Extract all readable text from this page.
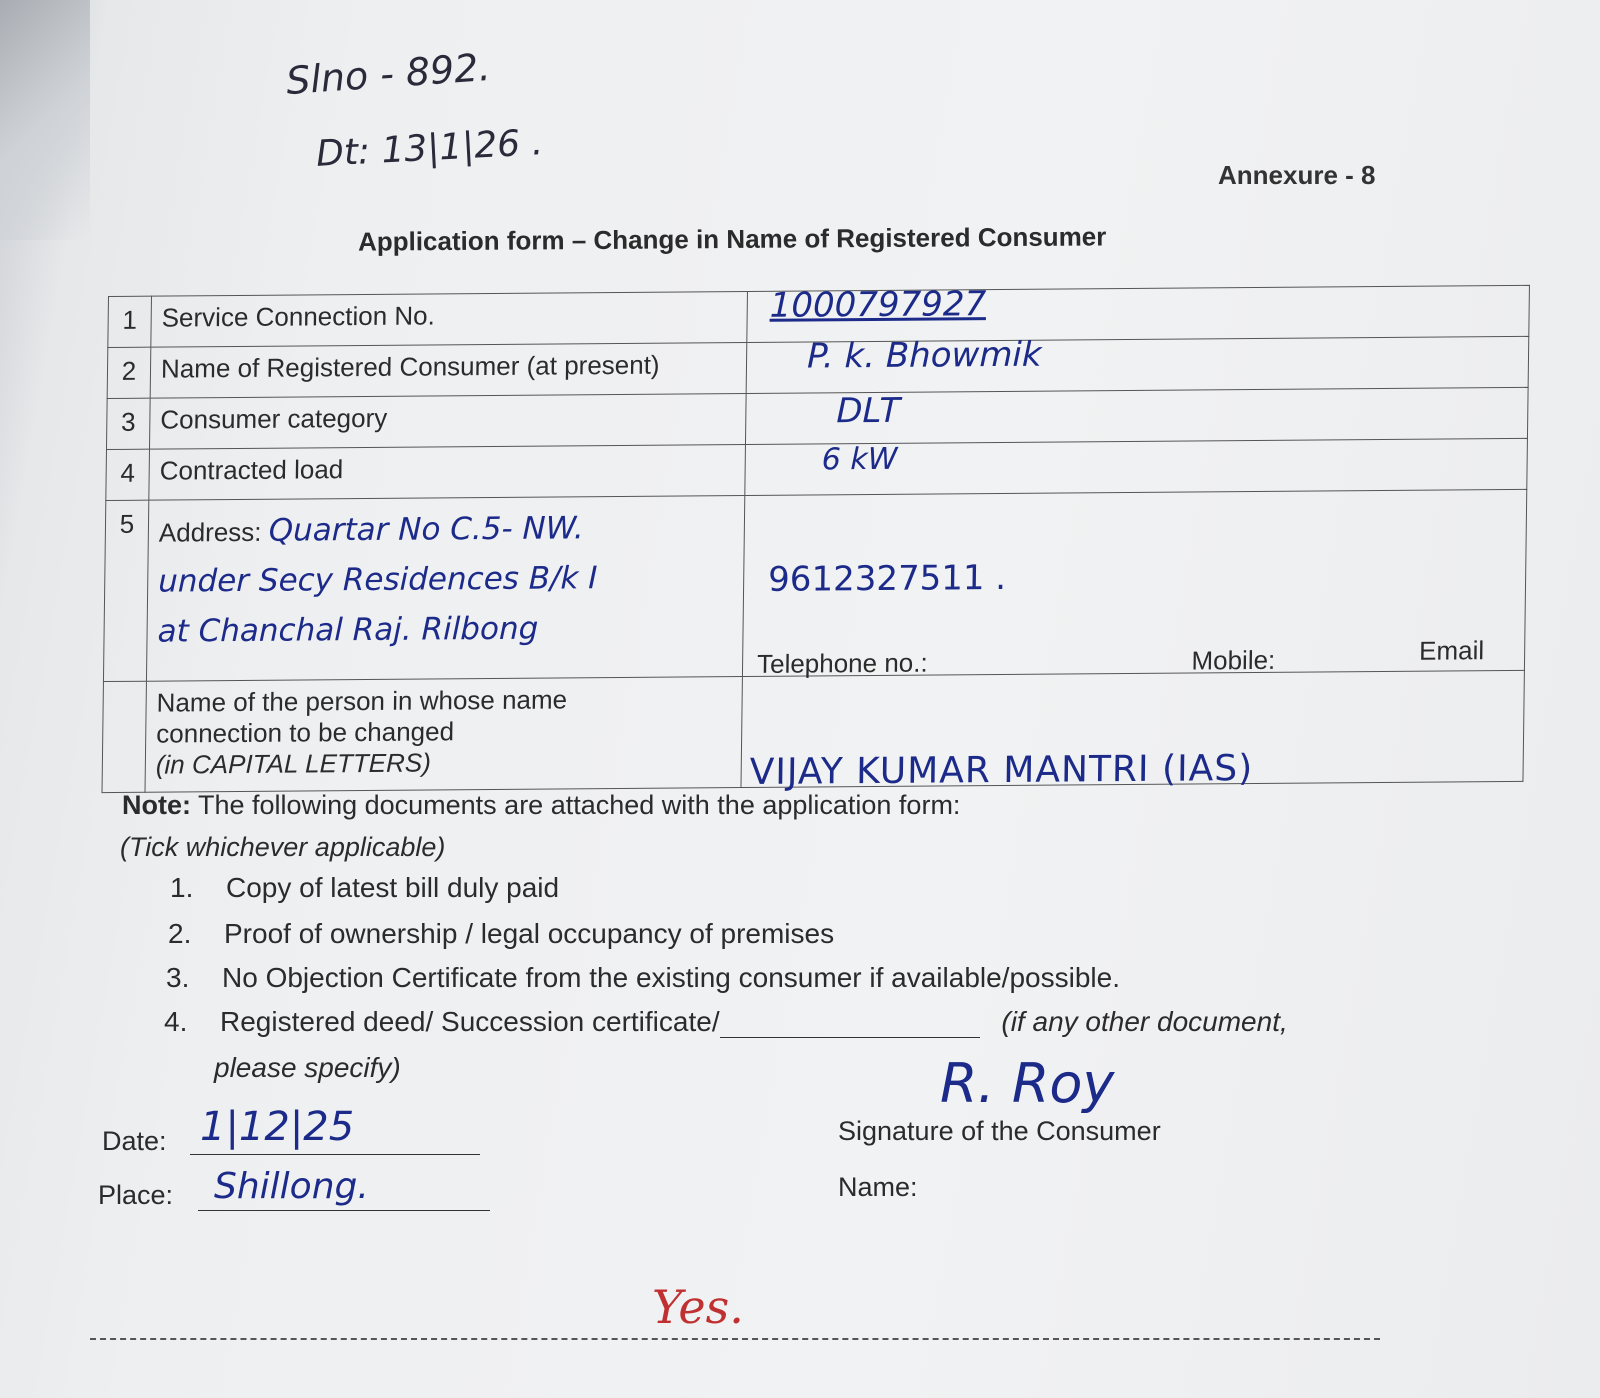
Slno - 892.
Dt: 13|1|26 .
Annexure - 8
Application form – Change in Name of Registered Consumer
1	Service Connection No.	1000797927

2	Name of Registered Consumer (at present)	P. k. Bhowmik

3	Consumer category	DLT

4	Contracted load	6 kW

5	Address: Quartar No C.5- NW.
under Secy Residences B/k I
at Chanchal Raj. Rilbong	9612327511 .
Telephone no.: Mobile: Email

	Name of the person in whose name
connection to be changed
(in CAPITAL LETTERS)	VIJAY KUMAR MANTRI (IAS)
Note: The following documents are attached with the application form:
(Tick whichever applicable)
1. Copy of latest bill duly paid
2. Proof of ownership / legal occupancy of premises
3. No Objection Certificate from the existing consumer if available/possible.
4. Registered deed/ Succession certificate/	(if any other document,
please specify)
Date: 1|12|25
Place: Shillong.
R. Roy
Signature of the Consumer
Name:
Yes.
